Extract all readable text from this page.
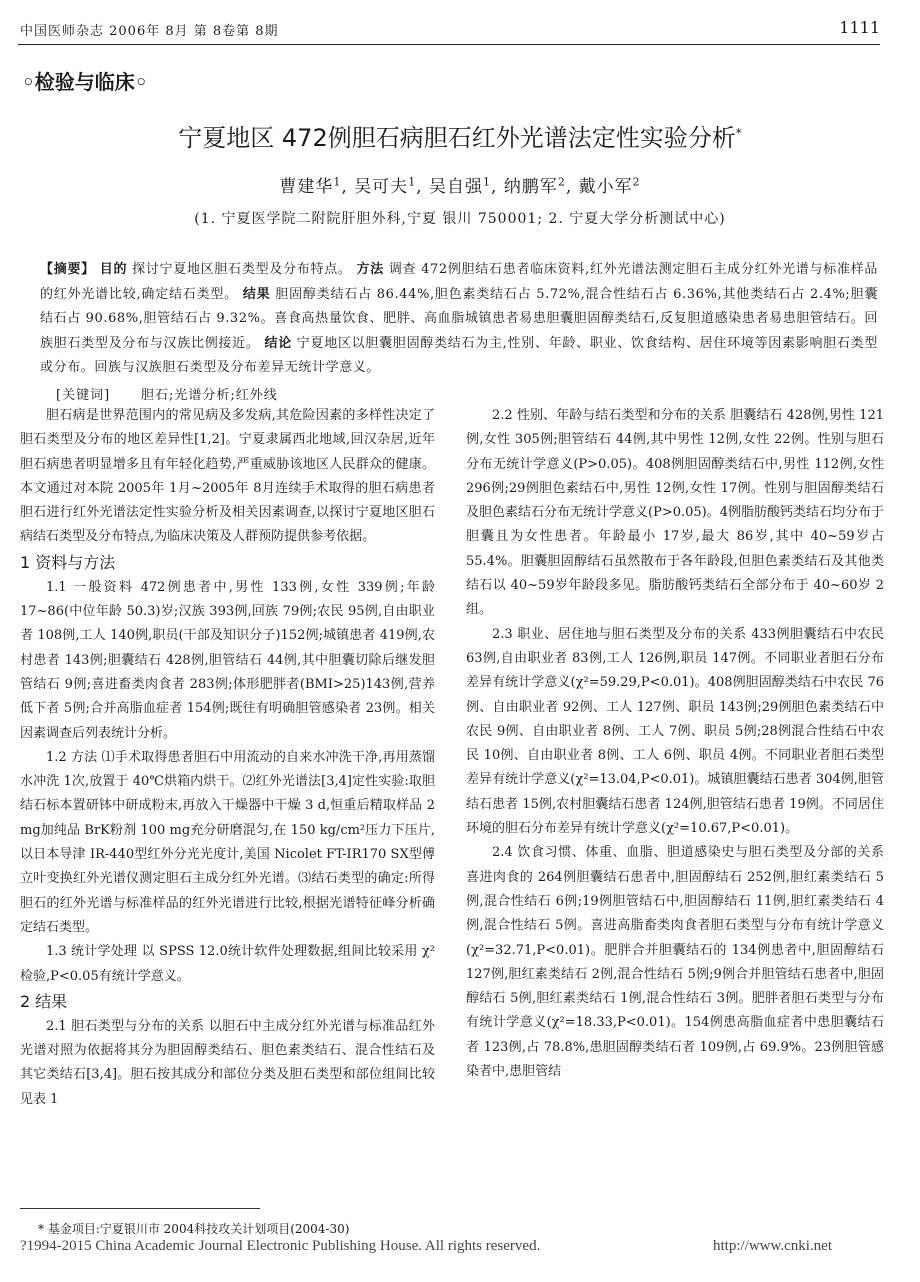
中国医师杂志 2006年 8月 第 8卷第 8期	1111
◦检验与临床◦
宁夏地区 472例胆石病胆石红外光谱法定性实验分析*
曹建华$^1$, 吴可夫$^1$, 吴自强$^1$, 纳鹏军$^2$, 戴小军$^2$
(1. 宁夏医学院二附院肝胆外科,宁夏 银川 750001; 2. 宁夏大学分析测试中心)
【摘要】 目的 探讨宁夏地区胆石类型及分布特点。 方法 调查 472例胆结石患者临床资料,红外光谱法测定胆石主成分红外光谱与标准样品的红外光谱比较,确定结石类型。 结果 胆固醇类结石占 86.44%,胆色素类结石占 5.72%,混合性结石占 6.36%,其他类结石占 2.4%;胆囊结石占 90.68%,胆管结石占 9.32%。喜食高热量饮食、肥胖、高血脂城镇患者易患胆囊胆固醇类结石,反复胆道感染患者易患胆管结石。回族胆石类型及分布与汉族比例接近。 结论 宁夏地区以胆囊胆固醇类结石为主,性别、年龄、职业、饮食结构、居住环境等因素影响胆石类型或分布。回族与汉族胆石类型及分布差异无统计学意义。
[关键词] 胆石;光谱分析;红外线

胆石病是世界范围内的常见病及多发病,其危险因素的多样性决定了胆石类型及分布的地区差异性[1,2]。宁夏隶属西北地域,回汉杂居,近年胆石病患者明显增多且有年轻化趋势,严重威胁该地区人民群众的健康。本文通过对本院 2005年 1月~2005年 8月连续手术取得的胆石病患者胆石进行红外光谱法定性实验分析及相关因素调查,以探讨宁夏地区胆石病结石类型及分布特点,为临床决策及人群预防提供参考依据。

1 资料与方法

1.1 一般资料 472例患者中,男性 133例,女性 339例;年龄 17~86(中位年龄 50.3)岁;汉族 393例,回族 79例;农民 95例,自由职业者 108例,工人 140例,职员(干部及知识分子)152例;城镇患者 419例,农村患者 143例;胆囊结石 428例,胆管结石 44例,其中胆囊切除后继发胆管结石 9例;喜进畜类肉食者 283例;体形肥胖者(BMI>25)143例,营养低下者 5例;合并高脂血症者 154例;既往有明确胆管感染者 23例。相关因素调查后列表统计分析。

1.2 方法 ⑴手术取得患者胆石中用流动的自来水冲洗干净,再用蒸馏水冲洗 1次,放置于 40℃烘箱内烘干。⑵红外光谱法[3,4]定性实验:取胆结石标本置研钵中研成粉末,再放入干燥器中干燥 3 d,恒重后精取样品 2 mg加纯品 BrK粉剂 100 mg充分研磨混匀,在 150 kg/cm²压力下压片,以日本导津 IR-440型红外分光光度计,美国 Nicolet FT-IR170 SX型傅立叶变换红外光谱仪测定胆石主成分红外光谱。⑶结石类型的确定:所得胆石的红外光谱与标准样品的红外光谱进行比较,根据光谱特征峰分析确定结石类型。

1.3 统计学处理 以 SPSS 12.0统计软件处理数据,组间比较采用 χ²检验,P<0.05有统计学意义。

2 结果

2.1 胆石类型与分布的关系 以胆石中主成分红外光谱与标准品红外光谱对照为依据将其分为胆固醇类结石、胆色素类结石、混合性结石及其它类结石[3,4]。胆石按其成分和部位分类及胆石类型和部位组间比较见表 1

2.2 性别、年龄与结石类型和分布的关系 胆囊结石 428例,男性 121例,女性 305例;胆管结石 44例,其中男性 12例,女性 22例。性别与胆石分布无统计学意义(P>0.05)。408例胆固醇类结石中,男性 112例,女性 296例;29例胆色素结石中,男性 12例,女性 17例。性别与胆固醇类结石及胆色素结石分布无统计学意义(P>0.05)。4例脂肪酸钙类结石均分布于胆囊且为女性患者。年龄最小 17岁,最大 86岁,其中 40~59岁占 55.4%。胆囊胆固醇结石虽然散布于各年龄段,但胆色素类结石及其他类结石以 40~59岁年龄段多见。脂肪酸钙类结石全部分布于 40~60岁 2组。

2.3 职业、居住地与胆石类型及分布的关系 433例胆囊结石中农民 63例,自由职业者 83例,工人 126例,职员 147例。不同职业者胆石分布差异有统计学意义(χ²=59.29,P<0.01)。408例胆固醇类结石中农民 76例、自由职业者 92例、工人 127例、职员 143例;29例胆色素类结石中农民 9例、自由职业者 8例、工人 7例、职员 5例;28例混合性结石中农民 10例、自由职业者 8例、工人 6例、职员 4例。不同职业者胆石类型差异有统计学意义(χ²=13.04,P<0.01)。城镇胆囊结石患者 304例,胆管结石患者 15例,农村胆囊结石患者 124例,胆管结石患者 19例。不同居住环境的胆石分布差异有统计学意义(χ²=10.67,P<0.01)。

2.4 饮食习惯、体重、血脂、胆道感染史与胆石类型及分部的关系 喜进肉食的 264例胆囊结石患者中,胆固醇结石 252例,胆红素类结石 5例,混合性结石 6例;19例胆管结石中,胆固醇结石 11例,胆红素类结石 4例,混合性结石 5例。喜进高脂畜类肉食者胆石类型与分布有统计学意义(χ²=32.71,P<0.01)。肥胖合并胆囊结石的 134例患者中,胆固醇结石 127例,胆红素类结石 2例,混合性结石 5例;9例合并胆管结石患者中,胆固醇结石 5例,胆红素类结石 1例,混合性结石 3例。肥胖者胆石类型与分布有统计学意义(χ²=18.33,P<0.01)。154例患高脂血症者中患胆囊结石者 123例,占 78.8%,患胆固醇类结石者 109例,占 69.9%。23例胆管感染者中,患胆管结

* 基金项目:宁夏银川市 2004科技攻关计划项目(2004-30)
?1994-2015 China Academic Journal Electronic Publishing House. All rights reserved.	http://www.cnki.net
